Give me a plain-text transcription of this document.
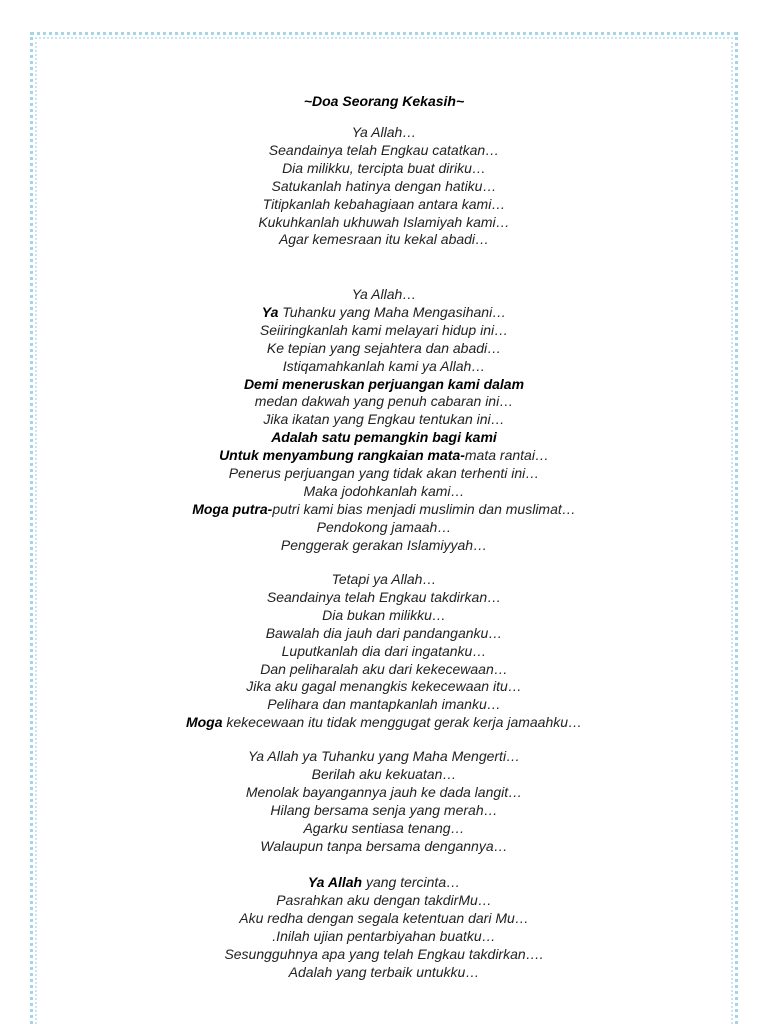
~Doa Seorang Kekasih~
Ya Allah…
Seandainya telah Engkau catatkan…
Dia milikku, tercipta buat diriku…
Satukanlah hatinya dengan hatiku…
Titipkanlah kebahagiaan antara kami…
Kukuhkanlah ukhuwah Islamiyah kami…
Agar kemesraan itu kekal abadi…
Ya Allah…
Ya Tuhanku yang Maha Mengasihani…
Seiiringkanlah kami melayari hidup ini…
Ke tepian yang sejahtera dan abadi…
Istiqamahkanlah kami ya Allah…
Demi meneruskan perjuangan kami dalam
medan dakwah yang penuh cabaran ini…
Jika ikatan yang Engkau tentukan ini…
Adalah satu pemangkin bagi kami
Untuk menyambung rangkaian mata-mata rantai…
Penerus perjuangan yang tidak akan terhenti ini…
Maka jodohkanlah kami…
Moga putra-putri kami bias menjadi muslimin dan muslimat…
Pendokong jamaah…
Penggerak gerakan Islamiyyah…
Tetapi ya Allah…
Seandainya telah Engkau takdirkan…
Dia bukan milikku…
Bawalah dia jauh dari pandanganku…
Luputkanlah dia dari ingatanku…
Dan peliharalah aku dari kekecewaan…
Jika aku gagal menangkis kekecewaan itu…
Pelihara dan mantapkanlah imanku…
Moga kekecewaan itu tidak menggugat gerak kerja jamaahku…
Ya Allah ya Tuhanku yang Maha Mengerti…
Berilah aku kekuatan…
Menolak bayangannya jauh ke dada langit…
Hilang bersama senja yang merah…
Agarku sentiasa tenang…
Walaupun tanpa bersama dengannya…
Ya Allah yang tercinta…
Pasrahkan aku dengan takdirMu…
Aku redha dengan segala ketentuan dari Mu…
.Inilah ujian pentarbiyahan buatku…
Sesungguhnya apa yang telah Engkau takdirkan….
Adalah yang terbaik untukku…
